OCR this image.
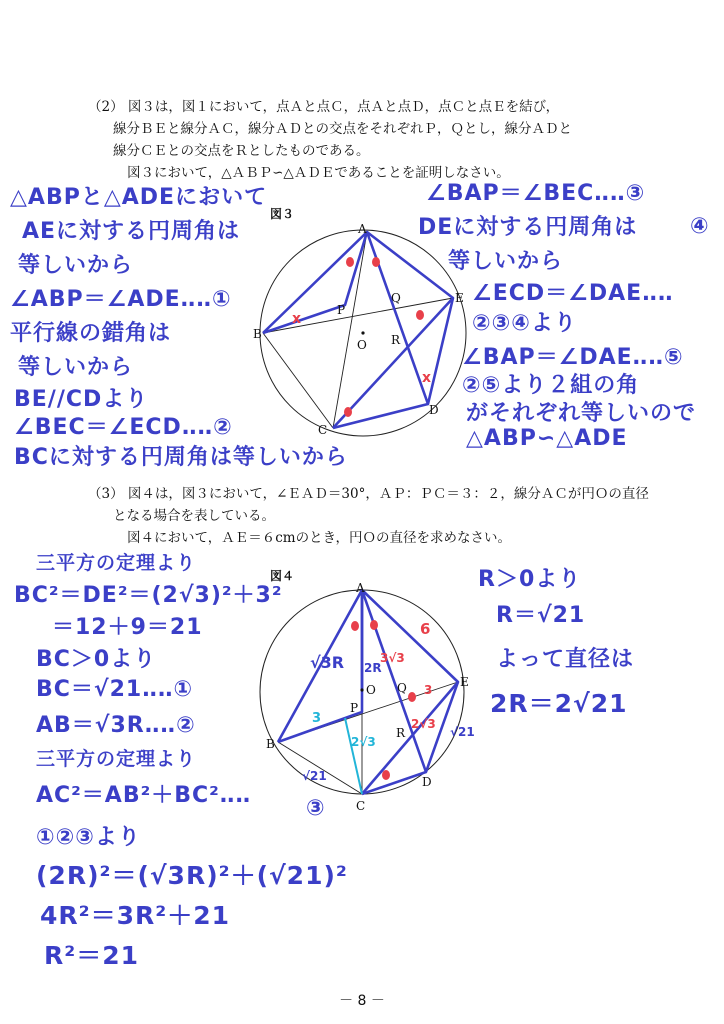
（2） 図３は，図１において，点Ａと点Ｃ，点Ａと点Ｄ，点Ｃと点Ｅを結び，
線分ＢＥと線分ＡＣ，線分ＡＤとの交点をそれぞれＰ，Ｑとし，線分ＡＤと
線分ＣＥとの交点をＲとしたものである。
図３において，△ＡＢＰ∽△ＡＤＥであることを証明しなさい。
図３
（3） 図４は，図３において，∠ＥＡＤ＝30°，ＡＰ：ＰＣ＝３：２，線分ＡＣが円Ｏの直径
となる場合を表している。
図４において，ＡＥ＝６cmのとき，円Ｏの直径を求めなさい。
図４
x
x
A
B
C
D
E
O
P
Q
R
A
B
C
D
E
O
P
Q
R
√3R
6
3√3
2R
3
3
2√3
2√3
√21
√21
△ABPと△ADEにおいて
AEに対する円周角は
等しいから
∠ABP＝∠ADE‥‥①
平行線の錯角は
等しいから
BE//CDより
∠BEC＝∠ECD‥‥②
BCに対する円周角は等しいから
∠BAP＝∠BEC‥‥③
DEに対する円周角は
等しいから
∠ECD＝∠DAE‥‥
④
②③④より
∠BAP＝∠DAE‥‥⑤
②⑤より２組の角
がそれぞれ等しいので
△ABP∽△ADE
三平方の定理より
BC²＝DE²＝(2√3)²＋3²
＝12＋9＝21
BC＞0より
BC＝√21‥‥①
AB＝√3R‥‥②
三平方の定理より
AC²＝AB²＋BC²‥‥
③
①②③より
(2R)²＝(√3R)²＋(√21)²
4R²＝3R²＋21
R²＝21
R＞0より
R＝√21
よって直径は
2R＝2√21
－ 8 －
